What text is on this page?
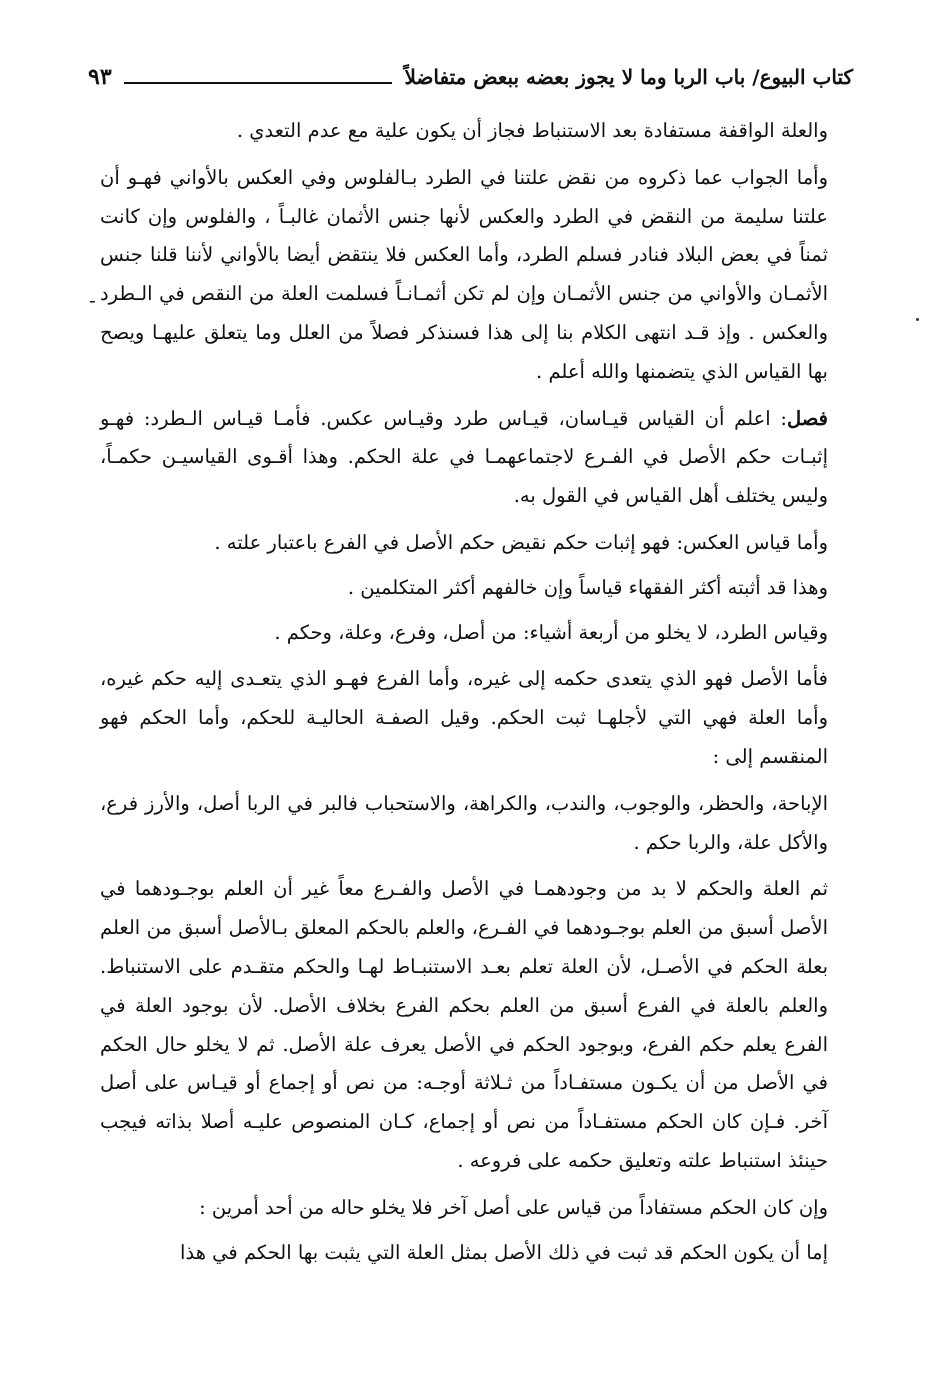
كتاب البيوع/ باب الربا وما لا يجوز بعضه ببعض متفاضلاً
٩٣
-

والعلة الواقفة مستفادة بعد الاستنباط فجاز أن يكون علية مع عدم التعدي .

وأما الجواب عما ذكروه من نقض علتنا في الطرد بـالفلوس وفي العكس بالأواني فهـو أن علتنا سليمة من النقض في الطرد والعكس لأنها جنس الأثمان غالبـاً ، والفلوس وإن كانت ثمناً في بعض البلاد فنادر فسلم الطرد، وأما العكس فلا ينتقض أيضا بالأواني لأننا قلنا جنس الأثمـان والأواني من جنس الأثمـان وإن لم تكن أثمـانـاً فسلمت العلة من النقص في الـطرد والعكس . وإذ قـد انتهى الكلام بنا إلى هذا فسنذكر فصلاً من العلل وما يتعلق عليهـا ويصح بها القياس الذي يتضمنها والله أعلم .

فصل: اعلم أن القياس قيـاسان، قيـاس طرد وقيـاس عكس. فأمـا قيـاس الـطرد: فهـو إثبـات حكم الأصل في الفـرع لاجتماعهمـا في علة الحكم. وهذا أقـوى القياسيـن حكمـاً، وليس يختلف أهل القياس في القول به.

وأما قياس العكس: فهو إثبات حكم نقيض حكم الأصل في الفرع باعتبار علته .

وهذا قد أثبته أكثر الفقهاء قياساً وإن خالفهم أكثر المتكلمين .

وقياس الطرد، لا يخلو من أربعة أشياء: من أصل، وفرع، وعلة، وحكم .

فأما الأصل فهو الذي يتعدى حكمه إلى غيره، وأما الفرع فهـو الذي يتعـدى إليه حكم غيره، وأما العلة فهي التي لأجلهـا ثبت الحكم. وقيل الصفـة الحاليـة للحكم، وأما الحكم فهو المنقسم إلى :

الإباحة، والحظر، والوجوب، والندب، والكراهة، والاستحباب فالبر في الربا أصل، والأرز فرع، والأكل علة، والربا حكم .

ثم العلة والحكم لا بد من وجودهمـا في الأصل والفـرع معاً غير أن العلم بوجـودهما في الأصل أسبق من العلم بوجـودهما في الفـرع، والعلم بالحكم المعلق بـالأصل أسبق من العلم بعلة الحكم في الأصـل، لأن العلة تعلم بعـد الاستنبـاط لهـا والحكم متقـدم على الاستنباط. والعلم بالعلة في الفرع أسبق من العلم بحكم الفرع بخلاف الأصل. لأن بوجود العلة في الفرع يعلم حكم الفرع، وبوجود الحكم في الأصل يعرف علة الأصل. ثم لا يخلو حال الحكم في الأصل من أن يكـون مستفـاداً من ثـلاثة أوجـه: من نص أو إجماع أو قيـاس على أصل آخر. فـإن كان الحكم مستفـاداً من نص أو إجماع، كـان المنصوص عليـه أصلا بذاته فيجب حينئذ استنباط علته وتعليق حكمه على فروعه .

وإن كان الحكم مستفاداً من قياس على أصل آخر فلا يخلو حاله من أحد أمرين :

إما أن يكون الحكم قد ثبت في ذلك الأصل بمثل العلة التي يثبت بها الحكم في هذا
